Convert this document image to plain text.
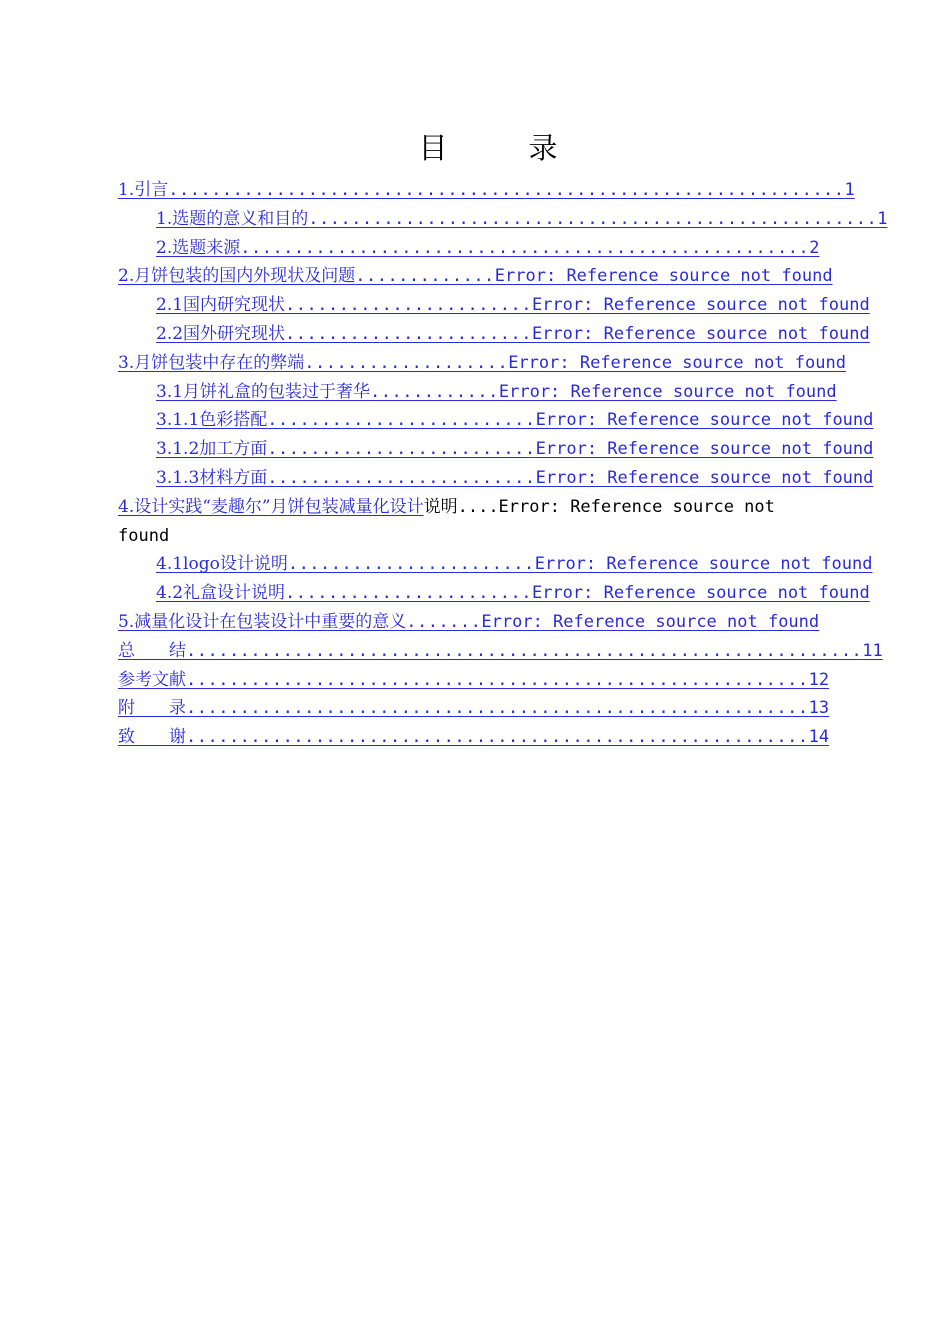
目　录
1.引言...............................................................1
1.选题的意义和目的.....................................................1
2.选题来源.....................................................2
2.月饼包装的国内外现状及问题.............Error: Reference source not found
2.1国内研究现状.......................Error: Reference source not found
2.2国外研究现状.......................Error: Reference source not found
3.月饼包装中存在的弊端...................Error: Reference source not found
3.1月饼礼盒的包装过于奢华............Error: Reference source not found
3.1.1色彩搭配.........................Error: Reference source not found
3.1.2加工方面.........................Error: Reference source not found
3.1.3材料方面.........................Error: Reference source not found
4.设计实践“麦趣尔”月饼包装减量化设计说明....Error: Reference source not found
4.1logo设计说明.......................Error: Reference source not found
4.2礼盒设计说明.......................Error: Reference source not found
5.减量化设计在包装设计中重要的意义.......Error: Reference source not found
总　　结...............................................................11
参考文献..........................................................12
附　　录..........................................................13
致　　谢..........................................................14
